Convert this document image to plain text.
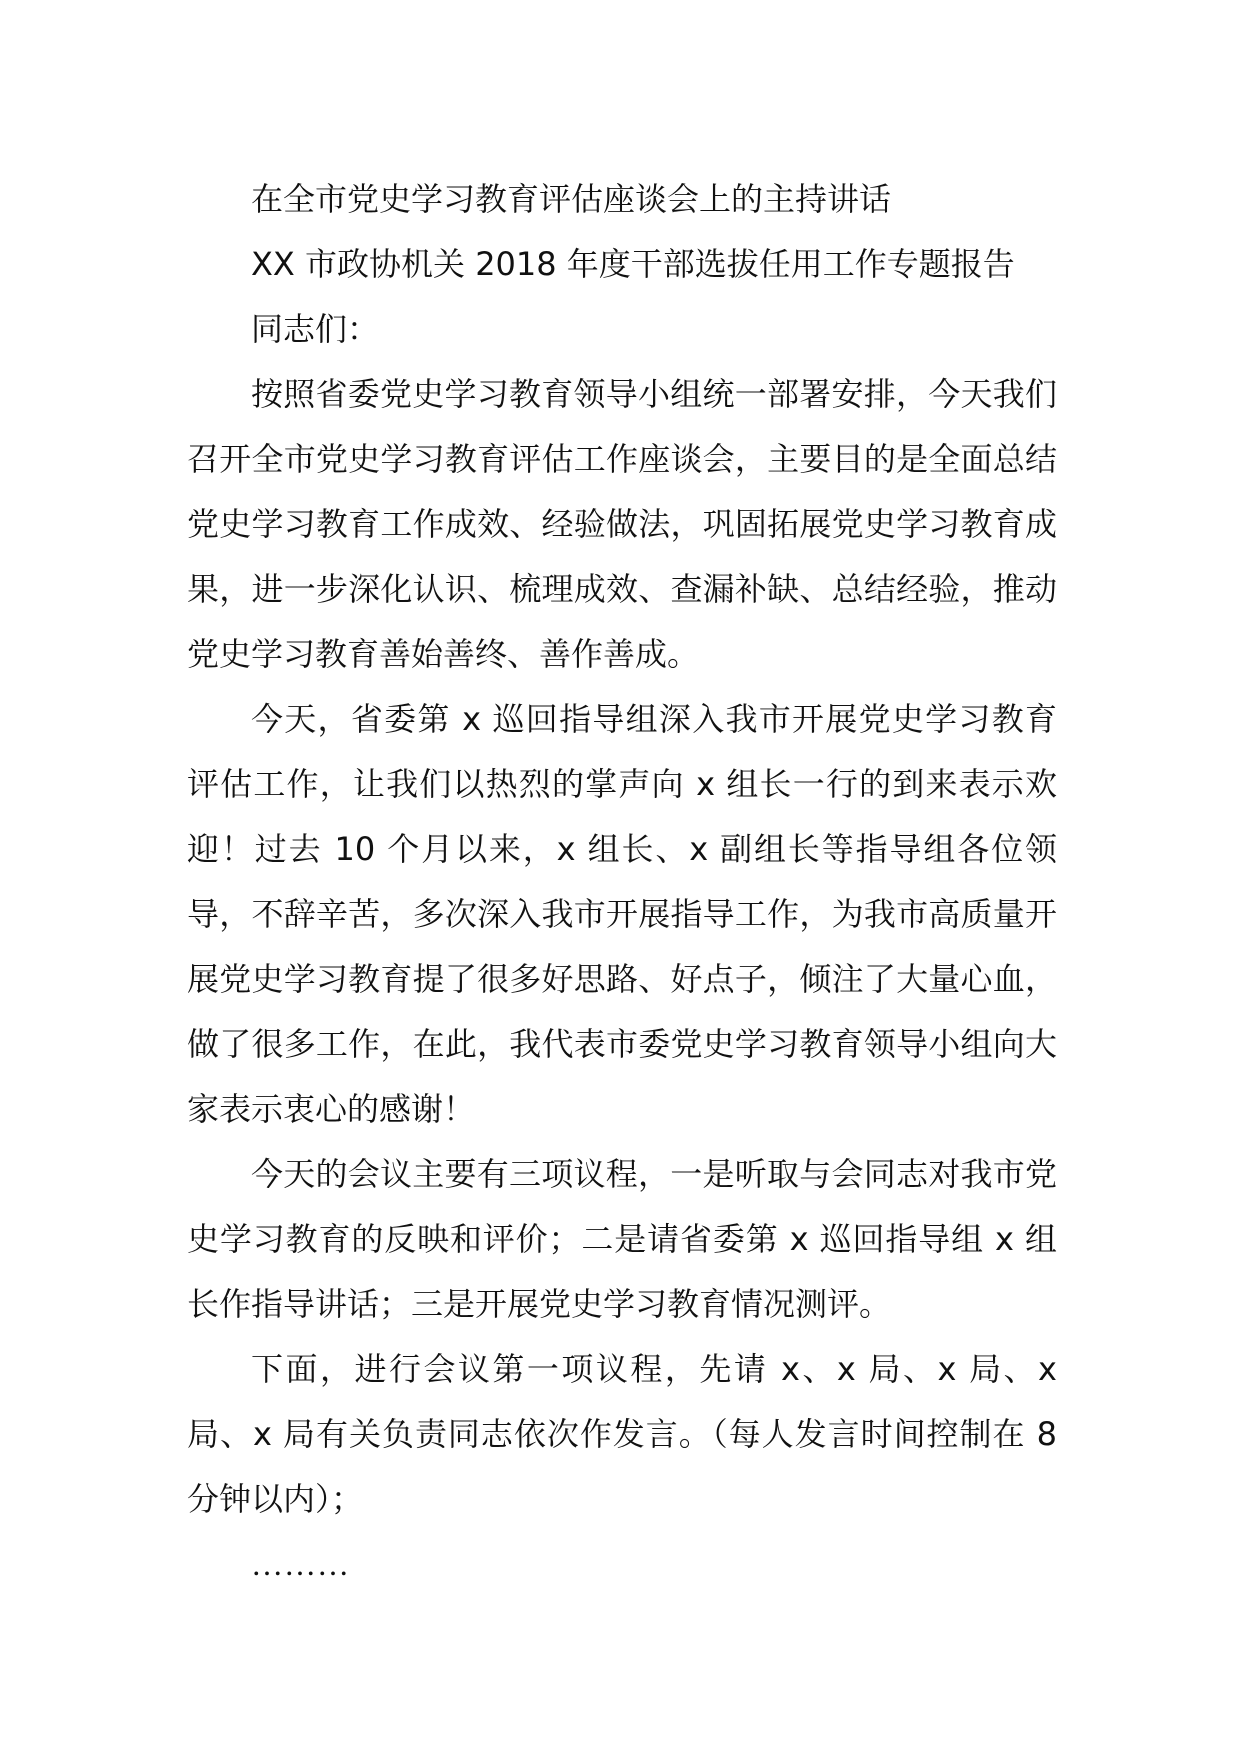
在全市党史学习教育评估座谈会上的主持讲话
XX 市政协机关 2018 年度干部选拔任用工作专题报告
同志们：

按照省委党史学习教育领导小组统一部署安排，今天我们召开全市党史学习教育评估工作座谈会，主要目的是全面总结党史学习教育工作成效、经验做法，巩固拓展党史学习教育成果，进一步深化认识、梳理成效、查漏补缺、总结经验，推动党史学习教育善始善终、善作善成。

今天，省委第 x 巡回指导组深入我市开展党史学习教育评估工作，让我们以热烈的掌声向 x 组长一行的到来表示欢迎！过去 10 个月以来，x 组长、x 副组长等指导组各位领导，不辞辛苦，多次深入我市开展指导工作，为我市高质量开展党史学习教育提了很多好思路、好点子，倾注了大量心血，做了很多工作，在此，我代表市委党史学习教育领导小组向大家表示衷心的感谢！

今天的会议主要有三项议程，一是听取与会同志对我市党史学习教育的反映和评价；二是请省委第 x 巡回指导组 x 组长作指导讲话；三是开展党史学习教育情况测评。

下面，进行会议第一项议程，先请 x、x 局、x 局、x 局、x 局有关负责同志依次作发言。（每人发言时间控制在 8 分钟以内）；

………
